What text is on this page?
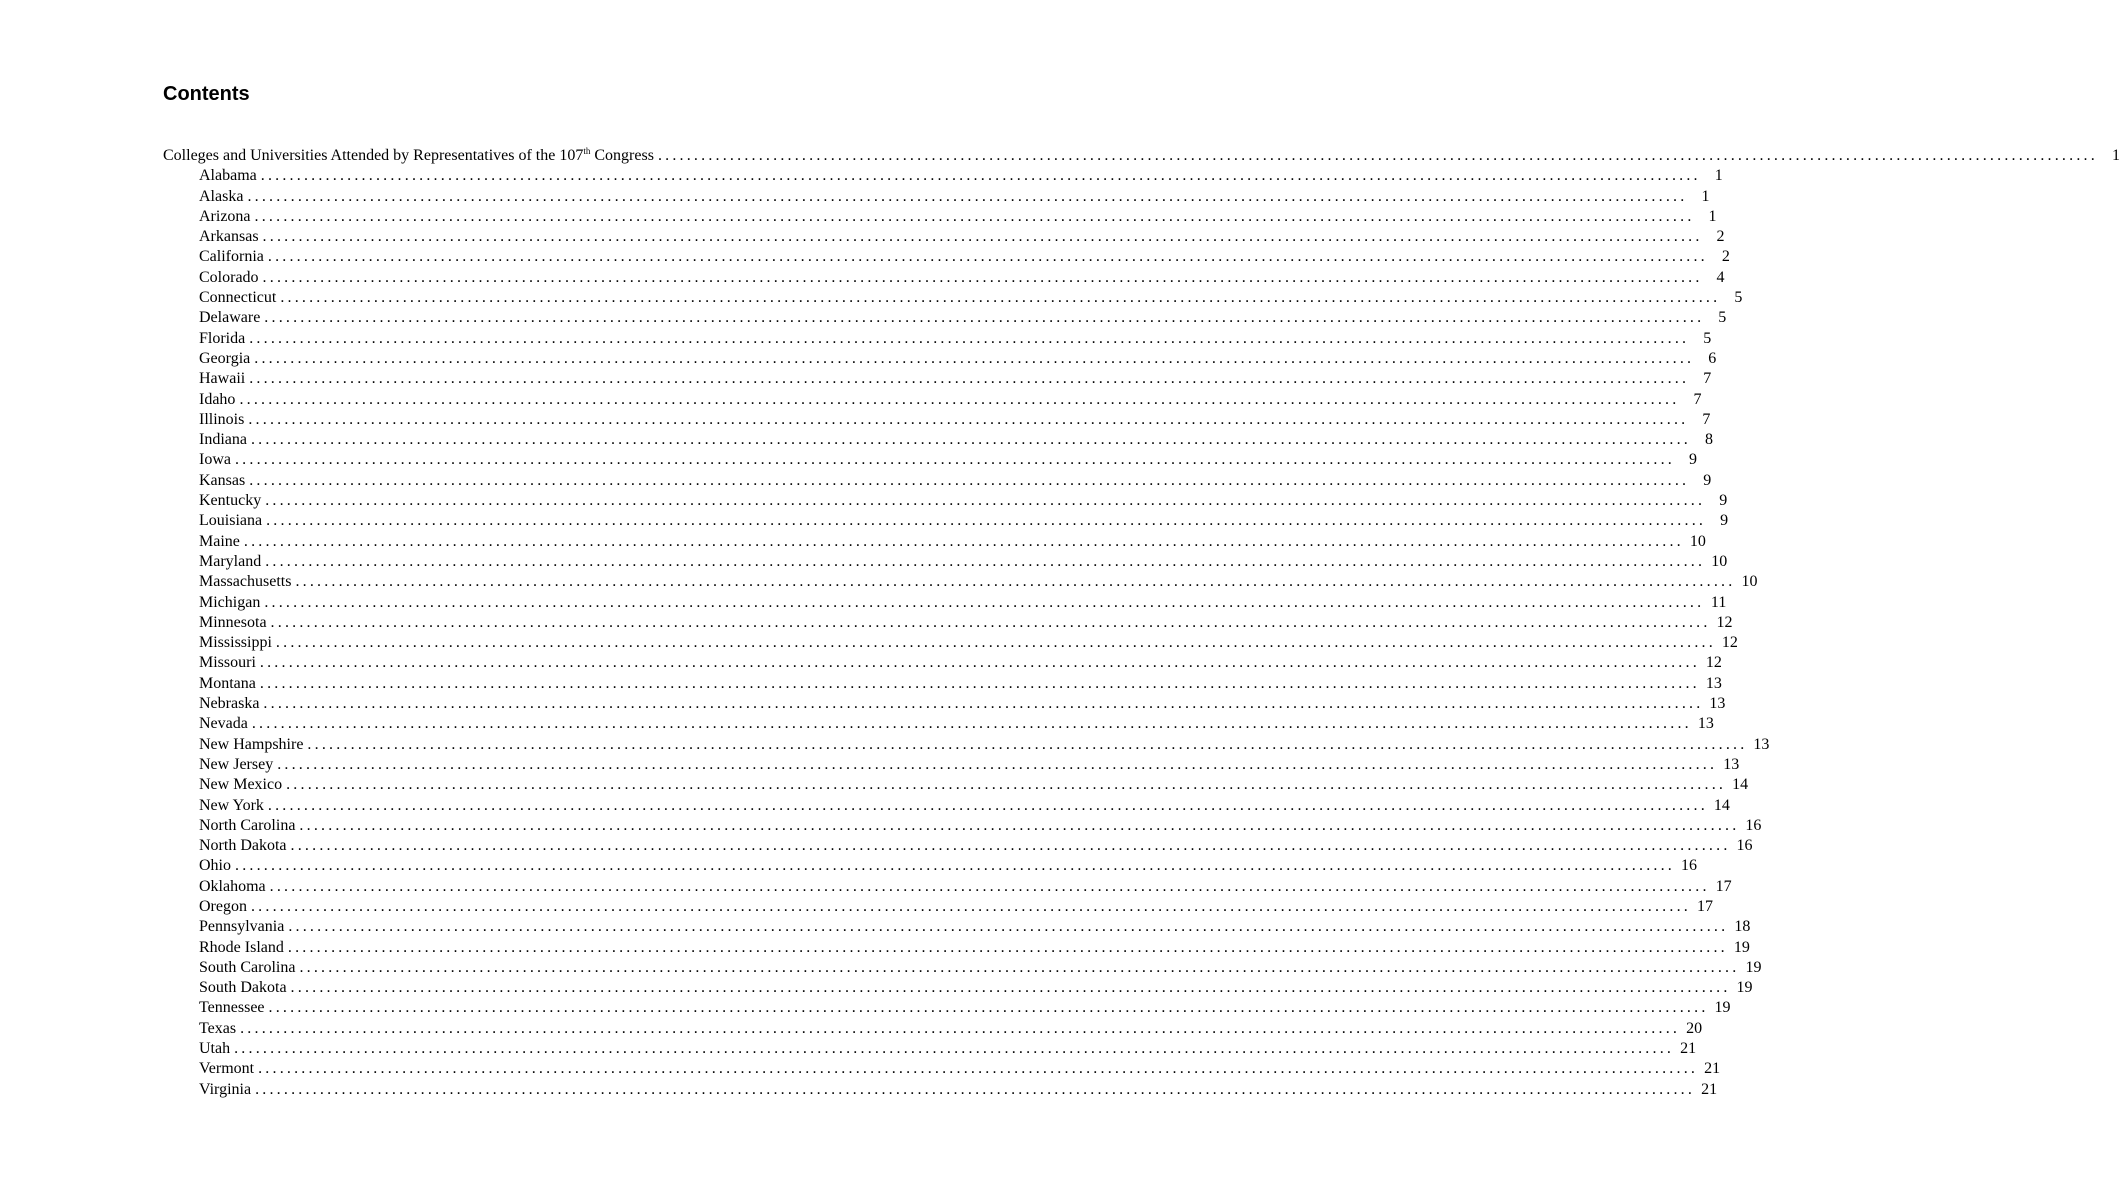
Contents
Colleges and Universities Attended by Representatives of the 107th Congress ........................................................................................................................................................................................................ 1
Alabama ........................................................................................................................................................................................................ 1
Alaska ........................................................................................................................................................................................................ 1
Arizona ........................................................................................................................................................................................................ 1
Arkansas ........................................................................................................................................................................................................ 2
California ........................................................................................................................................................................................................ 2
Colorado ........................................................................................................................................................................................................ 4
Connecticut ........................................................................................................................................................................................................ 5
Delaware ........................................................................................................................................................................................................ 5
Florida ........................................................................................................................................................................................................ 5
Georgia ........................................................................................................................................................................................................ 6
Hawaii ........................................................................................................................................................................................................ 7
Idaho ........................................................................................................................................................................................................ 7
Illinois ........................................................................................................................................................................................................ 7
Indiana ........................................................................................................................................................................................................ 8
Iowa ........................................................................................................................................................................................................ 9
Kansas ........................................................................................................................................................................................................ 9
Kentucky ........................................................................................................................................................................................................ 9
Louisiana ........................................................................................................................................................................................................ 9
Maine ........................................................................................................................................................................................................ 10
Maryland ........................................................................................................................................................................................................ 10
Massachusetts ........................................................................................................................................................................................................ 10
Michigan ........................................................................................................................................................................................................ 11
Minnesota ........................................................................................................................................................................................................ 12
Mississippi ........................................................................................................................................................................................................ 12
Missouri ........................................................................................................................................................................................................ 12
Montana ........................................................................................................................................................................................................ 13
Nebraska ........................................................................................................................................................................................................ 13
Nevada ........................................................................................................................................................................................................ 13
New Hampshire ........................................................................................................................................................................................................ 13
New Jersey ........................................................................................................................................................................................................ 13
New Mexico ........................................................................................................................................................................................................ 14
New York ........................................................................................................................................................................................................ 14
North Carolina ........................................................................................................................................................................................................ 16
North Dakota ........................................................................................................................................................................................................ 16
Ohio ........................................................................................................................................................................................................ 16
Oklahoma ........................................................................................................................................................................................................ 17
Oregon ........................................................................................................................................................................................................ 17
Pennsylvania ........................................................................................................................................................................................................ 18
Rhode Island ........................................................................................................................................................................................................ 19
South Carolina ........................................................................................................................................................................................................ 19
South Dakota ........................................................................................................................................................................................................ 19
Tennessee ........................................................................................................................................................................................................ 19
Texas ........................................................................................................................................................................................................ 20
Utah ........................................................................................................................................................................................................ 21
Vermont ........................................................................................................................................................................................................ 21
Virginia ........................................................................................................................................................................................................ 21
